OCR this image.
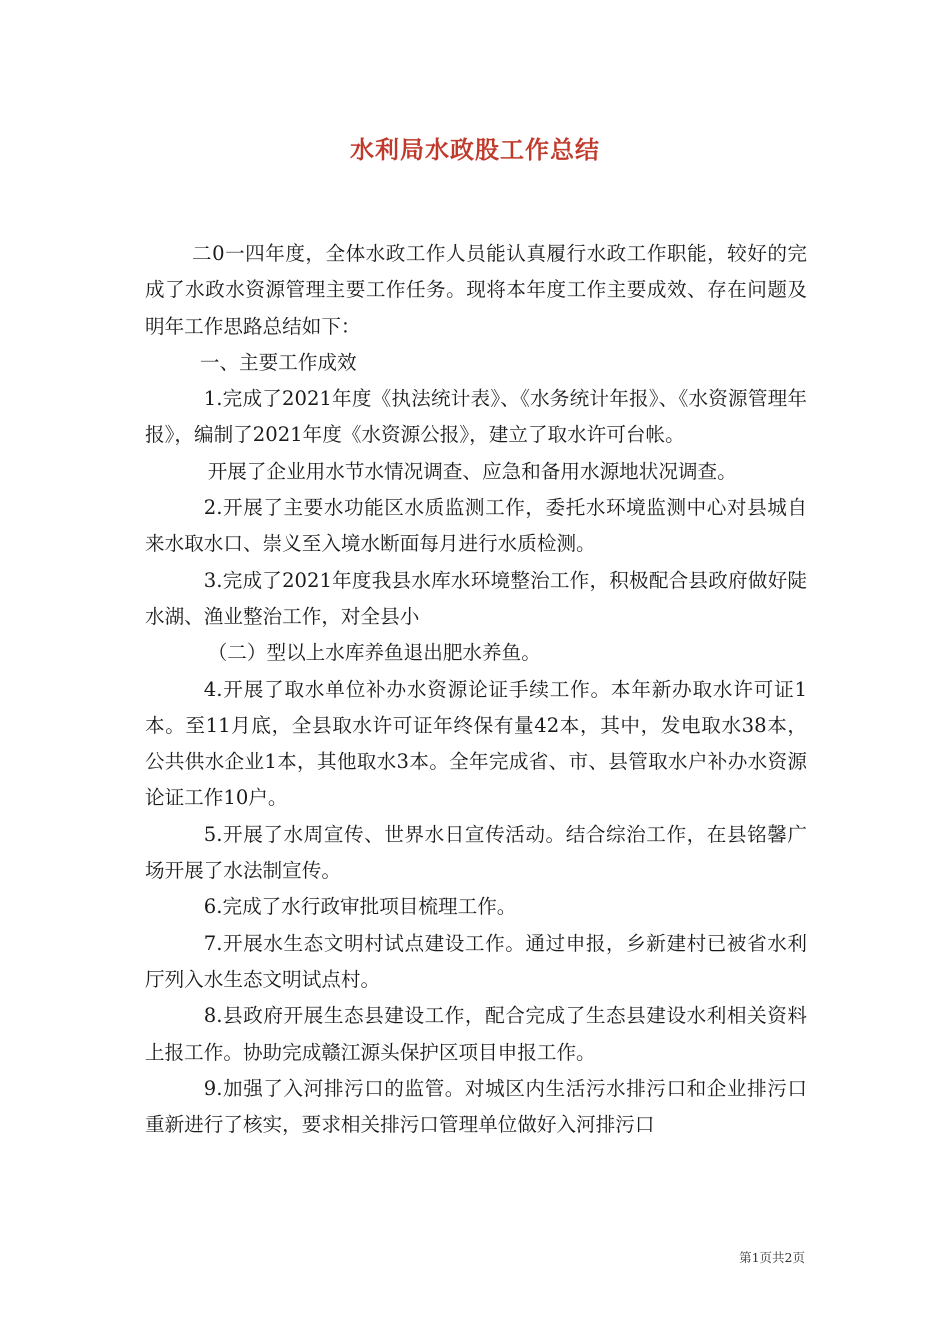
水利局水政股工作总结

二0一四年度，全体水政工作人员能认真履行水政工作职能，较好的完成了水政水资源管理主要工作任务。现将本年度工作主要成效、存在问题及明年工作思路总结如下：

一、主要工作成效

1.完成了2021年度《执法统计表》、《水务统计年报》、《水资源管理年报》，编制了2021年度《水资源公报》，建立了取水许可台帐。

开展了企业用水节水情况调查、应急和备用水源地状况调查。

2.开展了主要水功能区水质监测工作，委托水环境监测中心对县城自来水取水口、崇义至入境水断面每月进行水质检测。

3.完成了2021年度我县水库水环境整治工作，积极配合县政府做好陡水湖、渔业整治工作，对全县小

（二）型以上水库养鱼退出肥水养鱼。

4.开展了取水单位补办水资源论证手续工作。本年新办取水许可证1本。至11月底，全县取水许可证年终保有量42本，其中，发电取水38本，公共供水企业1本，其他取水3本。全年完成省、市、县管取水户补办水资源论证工作10户。

5.开展了水周宣传、世界水日宣传活动。结合综治工作，在县铭馨广场开展了水法制宣传。

6.完成了水行政审批项目梳理工作。

7.开展水生态文明村试点建设工作。通过申报，乡新建村已被省水利厅列入水生态文明试点村。

8.县政府开展生态县建设工作，配合完成了生态县建设水利相关资料上报工作。协助完成赣江源头保护区项目申报工作。

9.加强了入河排污口的监管。对城区内生活污水排污口和企业排污口重新进行了核实，要求相关排污口管理单位做好入河排污口

第1页共2页
